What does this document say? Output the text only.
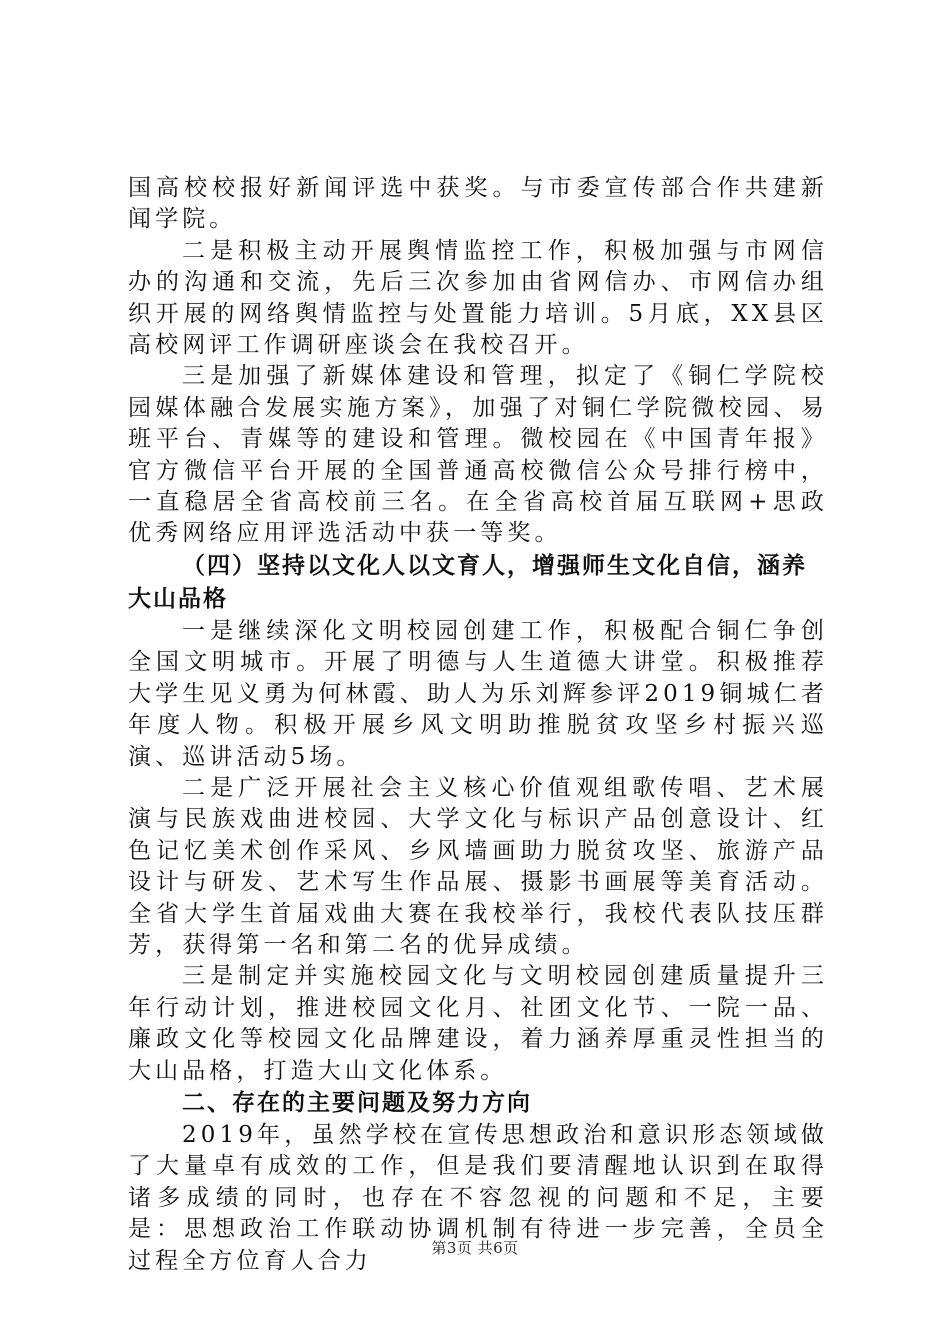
国高校校报好新闻评选中获奖。与市委宣传部合作共建新闻学院。

二是积极主动开展舆情监控工作，积极加强与市网信办的沟通和交流，先后三次参加由省网信办、市网信办组织开展的网络舆情监控与处置能力培训。5月底，XX县区高校网评工作调研座谈会在我校召开。

三是加强了新媒体建设和管理，拟定了《铜仁学院校园媒体融合发展实施方案》，加强了对铜仁学院微校园、易班平台、青媒等的建设和管理。微校园在《中国青年报》官方微信平台开展的全国普通高校微信公众号排行榜中，一直稳居全省高校前三名。在全省高校首届互联网+思政优秀网络应用评选活动中获一等奖。

（四）坚持以文化人以文育人，增强师生文化自信，涵养大山品格

一是继续深化文明校园创建工作，积极配合铜仁争创全国文明城市。开展了明德与人生道德大讲堂。积极推荐大学生见义勇为何林霞、助人为乐刘辉参评2019铜城仁者年度人物。积极开展乡风文明助推脱贫攻坚乡村振兴巡演、巡讲活动5场。

二是广泛开展社会主义核心价值观组歌传唱、艺术展演与民族戏曲进校园、大学文化与标识产品创意设计、红色记忆美术创作采风、乡风墙画助力脱贫攻坚、旅游产品设计与研发、艺术写生作品展、摄影书画展等美育活动。全省大学生首届戏曲大赛在我校举行，我校代表队技压群芳，获得第一名和第二名的优异成绩。

三是制定并实施校园文化与文明校园创建质量提升三年行动计划，推进校园文化月、社团文化节、一院一品、廉政文化等校园文化品牌建设，着力涵养厚重灵性担当的大山品格，打造大山文化体系。

二、存在的主要问题及努力方向

2019年，虽然学校在宣传思想政治和意识形态领域做了大量卓有成效的工作，但是我们要清醒地认识到在取得诸多成绩的同时，也存在不容忽视的问题和不足，主要是：思想政治工作联动协调机制有待进一步完善，全员全过程全方位育人合力	第3页 共6页
